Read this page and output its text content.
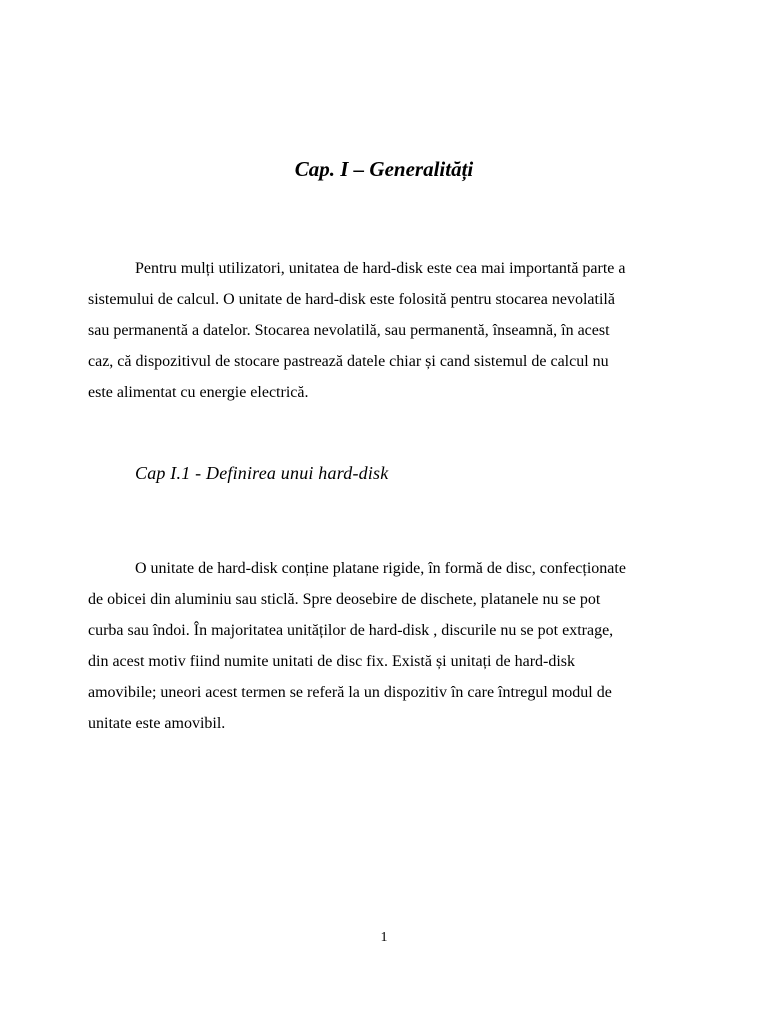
Cap. I – Generalități

Pentru mulți utilizatori, unitatea de hard-disk este cea mai importantă parte a
sistemului de calcul. O unitate de hard-disk este folosită pentru stocarea nevolatilă
sau permanentă a datelor. Stocarea nevolatilă, sau permanentă, înseamnă, în acest
caz, că dispozitivul de stocare pastrează datele chiar și cand sistemul de calcul nu
este alimentat cu energie electrică.

Cap I.1 - Definirea unui hard-disk

O unitate de hard-disk conține platane rigide, în formă de disc, confecționate
de obicei din aluminiu sau sticlă. Spre deosebire de dischete, platanele nu se pot
curba sau îndoi. În majoritatea unităților de hard-disk , discurile nu se pot extrage,
din acest motiv fiind numite unitati de disc fix. Există și unitați de hard-disk
amovibile; uneori acest termen se referă la un dispozitiv în care întregul modul de
unitate este amovibil.

1
